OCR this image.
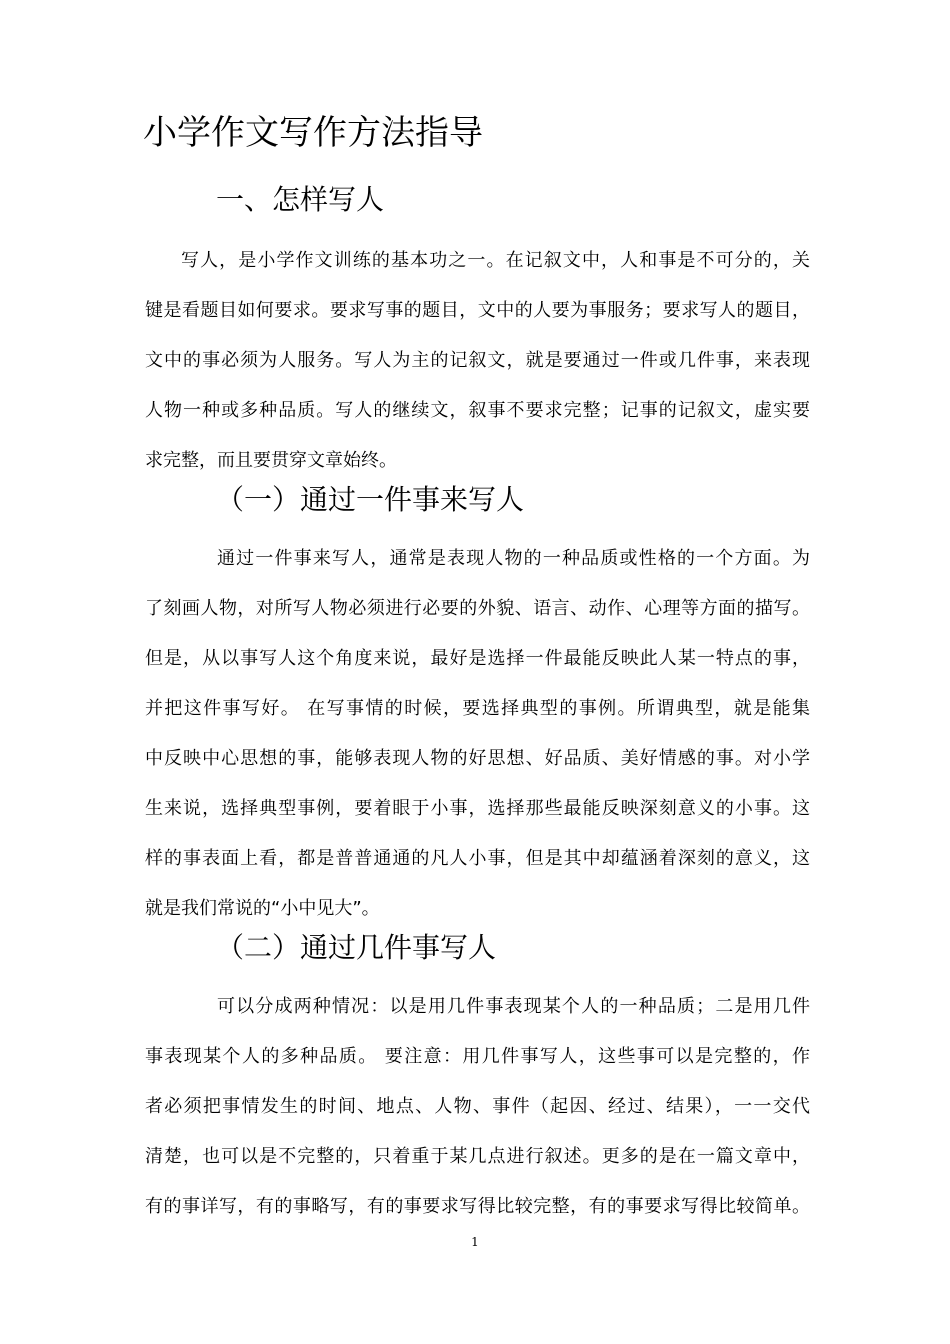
小学作文写作方法指导
一、怎样写人
写人，是小学作文训练的基本功之一。在记叙文中，人和事是不可分的，关
键是看题目如何要求。要求写事的题目，文中的人要为事服务；要求写人的题目，
文中的事必须为人服务。写人为主的记叙文，就是要通过一件或几件事，来表现
人物一种或多种品质。写人的继续文，叙事不要求完整；记事的记叙文，虚实要
求完整，而且要贯穿文章始终。
（一）通过一件事来写人
通过一件事来写人，通常是表现人物的一种品质或性格的一个方面。为
了刻画人物，对所写人物必须进行必要的外貌、语言、动作、心理等方面的描写。
但是，从以事写人这个角度来说，最好是选择一件最能反映此人某一特点的事，
并把这件事写好。 在写事情的时候，要选择典型的事例。所谓典型，就是能集
中反映中心思想的事，能够表现人物的好思想、好品质、美好情感的事。对小学
生来说，选择典型事例，要着眼于小事，选择那些最能反映深刻意义的小事。这
样的事表面上看，都是普普通通的凡人小事，但是其中却蕴涵着深刻的意义，这
就是我们常说的“小中见大”。
（二）通过几件事写人
可以分成两种情况：以是用几件事表现某个人的一种品质；二是用几件
事表现某个人的多种品质。 要注意：用几件事写人，这些事可以是完整的，作
者必须把事情发生的时间、地点、人物、事件（起因、经过、结果），一一交代
清楚，也可以是不完整的，只着重于某几点进行叙述。更多的是在一篇文章中，
有的事详写，有的事略写，有的事要求写得比较完整，有的事要求写得比较简单。
1
